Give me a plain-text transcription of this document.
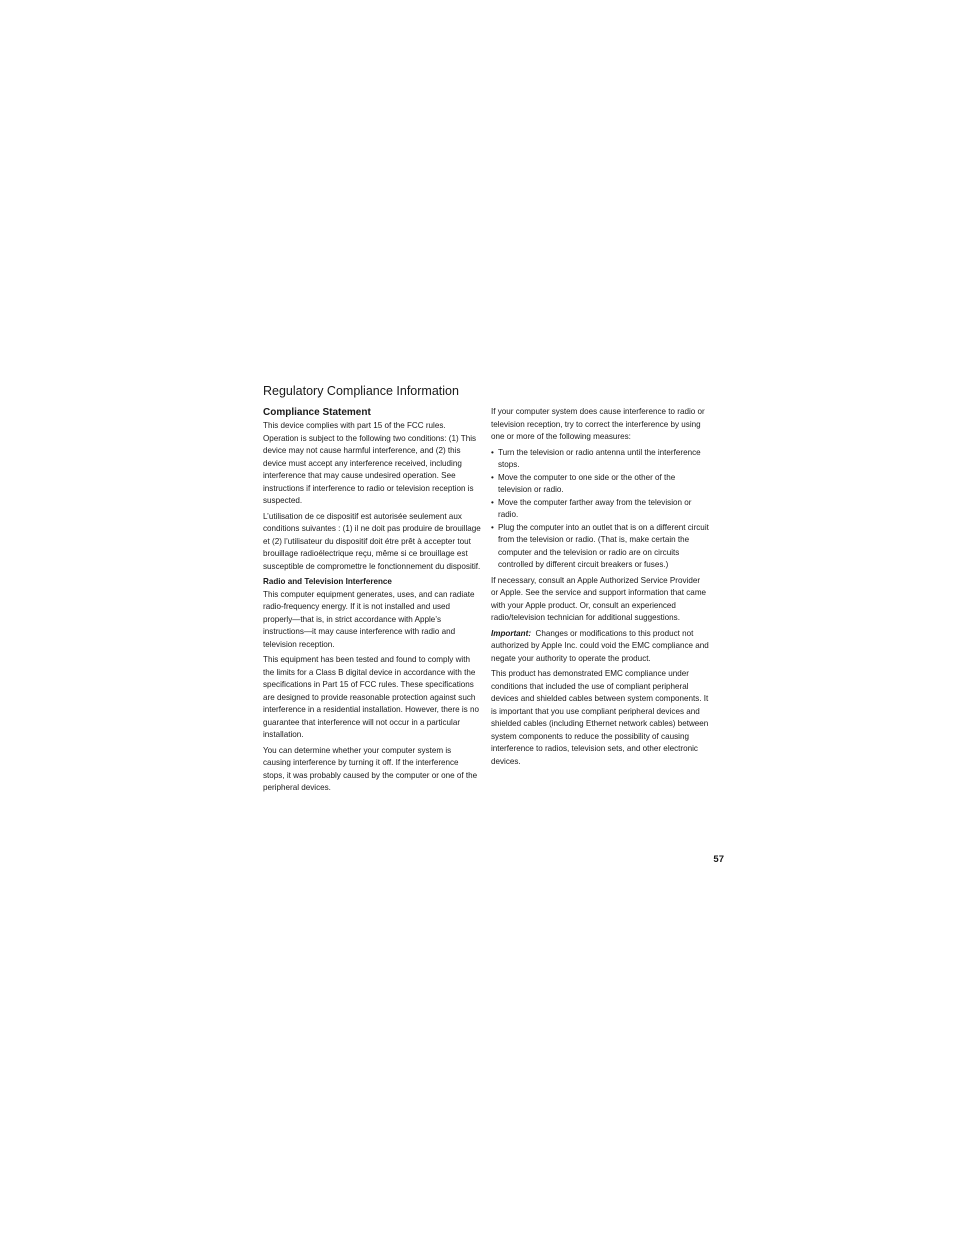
Regulatory Compliance Information
Compliance Statement

This device complies with part 15 of the FCC rules. Operation is subject to the following two conditions: (1) This device may not cause harmful interference, and (2) this device must accept any interference received, including interference that may cause undesired operation. See instructions if interference to radio or television reception is suspected.

L’utilisation de ce dispositif est autorisée seulement aux conditions suivantes : (1) il ne doit pas produire de brouillage et (2) l’utilisateur du dispositif doit étre prêt à accepter tout brouillage radioélectrique reçu, même si ce brouillage est susceptible de compromettre le fonctionnement du dispositif.

Radio and Television Interference

This computer equipment generates, uses, and can radiate radio-frequency energy. If it is not installed and used properly—that is, in strict accordance with Apple’s instructions—it may cause interference with radio and television reception.

This equipment has been tested and found to comply with the limits for a Class B digital device in accordance with the specifications in Part 15 of FCC rules. These specifications are designed to provide reasonable protection against such interference in a residential installation. However, there is no guarantee that interference will not occur in a particular installation.

You can determine whether your computer system is causing interference by turning it off. If the interference stops, it was probably caused by the computer or one of the peripheral devices.

If your computer system does cause interference to radio or television reception, try to correct the interference by using one or more of the following measures:

• Turn the television or radio antenna until the interference stops.
• Move the computer to one side or the other of the television or radio.
• Move the computer farther away from the television or radio.
• Plug the computer into an outlet that is on a different circuit from the television or radio. (That is, make certain the computer and the television or radio are on circuits controlled by different circuit breakers or fuses.)

If necessary, consult an Apple Authorized Service Provider or Apple. See the service and support information that came with your Apple product. Or, consult an experienced radio/television technician for additional suggestions.

Important: Changes or modifications to this product not authorized by Apple Inc. could void the EMC compliance and negate your authority to operate the product.

This product has demonstrated EMC compliance under conditions that included the use of compliant peripheral devices and shielded cables between system components. It is important that you use compliant peripheral devices and shielded cables (including Ethernet network cables) between system components to reduce the possibility of causing interference to radios, television sets, and other electronic devices.

57
